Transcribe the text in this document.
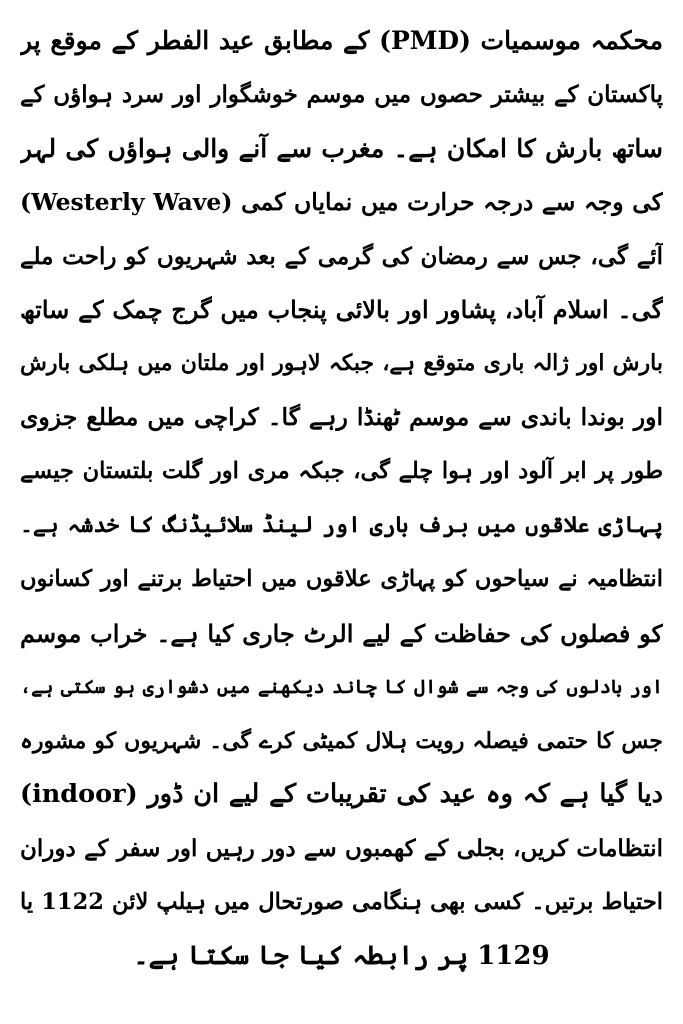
محکمہ موسمیات (PMD) کے مطابق عید الفطر کے موقع پر
پاکستان کے بیشتر حصوں میں موسم خوشگوار اور سرد ہواؤں کے
ساتھ بارش کا امکان ہے۔ مغرب سے آنے والی ہواؤں کی لہر
(Westerly Wave) کی وجہ سے درجہ حرارت میں نمایاں کمی
آئے گی، جس سے رمضان کی گرمی کے بعد شہریوں کو راحت ملے
گی۔ اسلام آباد، پشاور اور بالائی پنجاب میں گرج چمک کے ساتھ
بارش اور ژالہ باری متوقع ہے، جبکہ لاہور اور ملتان میں ہلکی بارش
اور بوندا باندی سے موسم ٹھنڈا رہے گا۔ کراچی میں مطلع جزوی
طور پر ابر آلود اور ہوا چلے گی، جبکہ مری اور گلت بلتستان جیسے
پہاڑی علاقوں میں برف باری اور لینڈ سلائیڈنگ کا خدشہ ہے۔
انتظامیہ نے سیاحوں کو پہاڑی علاقوں میں احتیاط برتنے اور کسانوں
کو فصلوں کی حفاظت کے لیے الرٹ جاری کیا ہے۔ خراب موسم
اور بادلوں کی وجہ سے شوال کا چاند دیکھنے میں دشواری ہو سکتی ہے،
جس کا حتمی فیصلہ رویت ہلال کمیٹی کرے گی۔ شہریوں کو مشورہ
دیا گیا ہے کہ وہ عید کی تقریبات کے لیے ان ڈور (indoor)
انتظامات کریں، بجلی کے کھمبوں سے دور رہیں اور سفر کے دوران
احتیاط برتیں۔ کسی بھی ہنگامی صورتحال میں ہیلپ لائن 1122 یا
1129 پر رابطہ کیا جا سکتا ہے۔
